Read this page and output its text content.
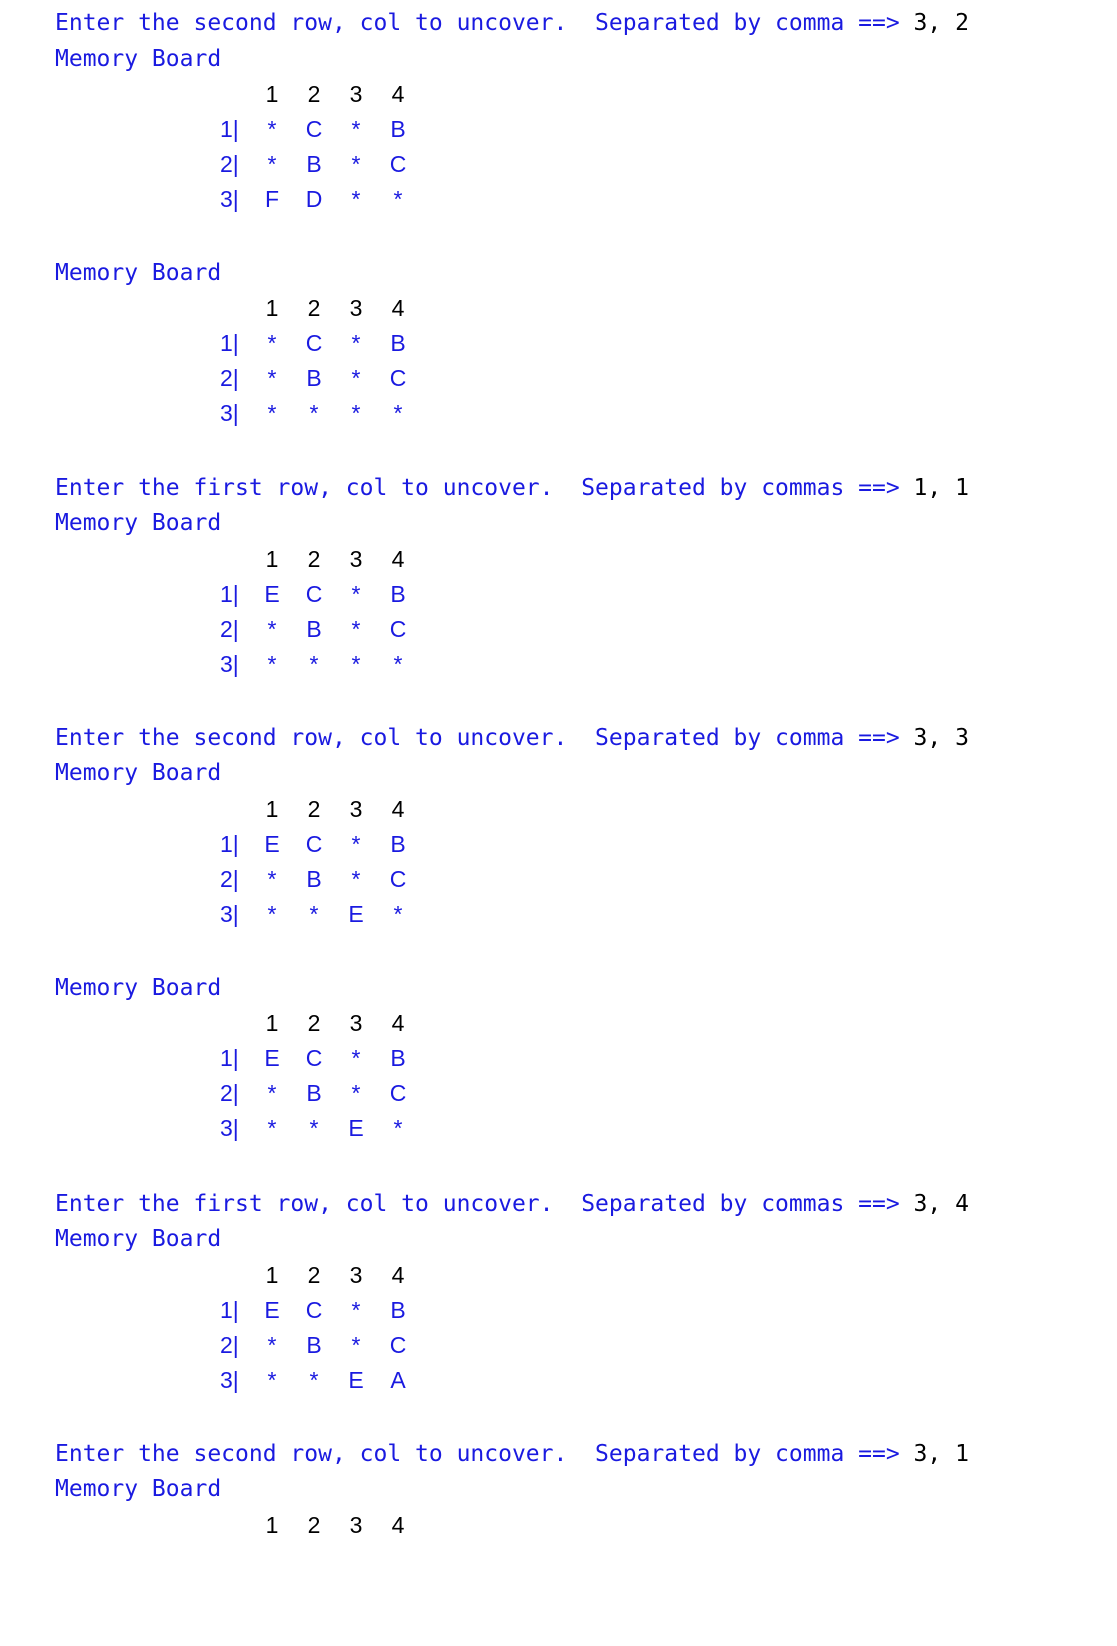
Enter the second row, col to uncover.  Separated by comma ==> 3, 2
Memory Board
1 2 3 4
1| * C * B
2| * B * C
3| F D * *
Memory Board
1 2 3 4
1| * C * B
2| * B * C
3| * * * *
Enter the first row, col to uncover.  Separated by commas ==> 1, 1
Memory Board
1 2 3 4
1| E C * B
2| * B * C
3| * * * *
Enter the second row, col to uncover.  Separated by comma ==> 3, 3
Memory Board
1 2 3 4
1| E C * B
2| * B * C
3| * * E *
Memory Board
1 2 3 4
1| E C * B
2| * B * C
3| * * E *
Enter the first row, col to uncover.  Separated by commas ==> 3, 4
Memory Board
1 2 3 4
1| E C * B
2| * B * C
3| * * E A
Enter the second row, col to uncover.  Separated by comma ==> 3, 1
Memory Board
1 2 3 4
